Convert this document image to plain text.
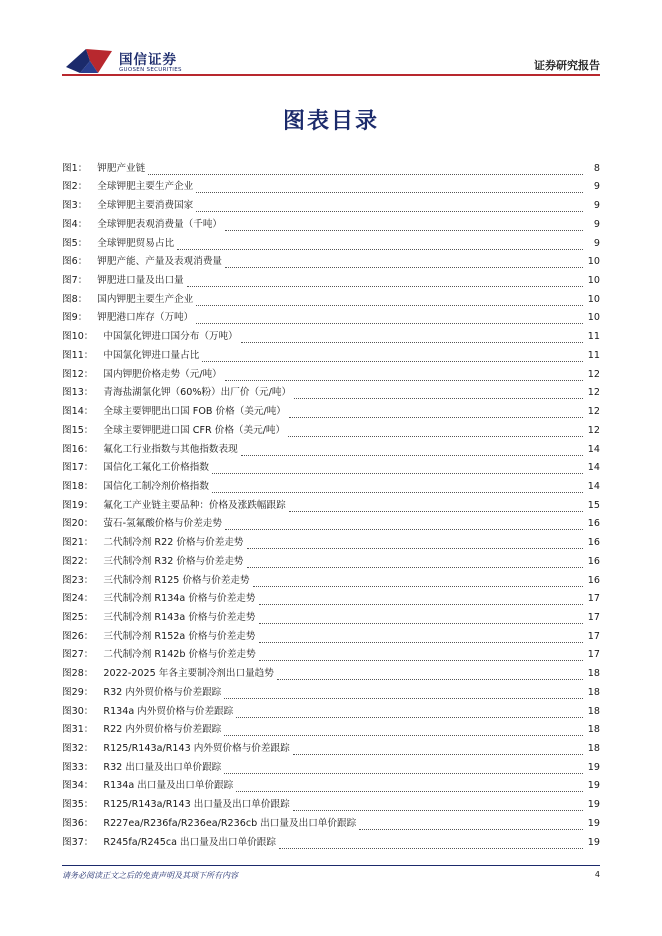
国信证券
GUOSEN SECURITIES	证券研究报告
图表目录
图1： 钾肥产业链	8
图2： 全球钾肥主要生产企业	9
图3： 全球钾肥主要消费国家	9
图4： 全球钾肥表观消费量（千吨）	9
图5： 全球钾肥贸易占比	9
图6： 钾肥产能、产量及表观消费量	10
图7： 钾肥进口量及出口量	10
图8： 国内钾肥主要生产企业	10
图9： 钾肥港口库存（万吨）	10
图10： 中国氯化钾进口国分布（万吨）	11
图11： 中国氯化钾进口量占比	11
图12： 国内钾肥价格走势（元/吨）	12
图13： 青海盐湖氯化钾（60%粉）出厂价（元/吨）	12
图14： 全球主要钾肥出口国 FOB 价格（美元/吨）	12
图15： 全球主要钾肥进口国 CFR 价格（美元/吨）	12
图16： 氟化工行业指数与其他指数表现	14
图17： 国信化工氟化工价格指数	14
图18： 国信化工制冷剂价格指数	14
图19： 氟化工产业链主要品种：价格及涨跌幅跟踪	15
图20： 萤石-氢氟酸价格与价差走势	16
图21： 二代制冷剂 R22 价格与价差走势	16
图22： 三代制冷剂 R32 价格与价差走势	16
图23： 三代制冷剂 R125 价格与价差走势	16
图24： 三代制冷剂 R134a 价格与价差走势	17
图25： 三代制冷剂 R143a 价格与价差走势	17
图26： 三代制冷剂 R152a 价格与价差走势	17
图27： 二代制冷剂 R142b 价格与价差走势	17
图28： 2022-2025 年各主要制冷剂出口量趋势	18
图29： R32 内外贸价格与价差跟踪	18
图30： R134a 内外贸价格与价差跟踪	18
图31： R22 内外贸价格与价差跟踪	18
图32： R125/R143a/R143 内外贸价格与价差跟踪	18
图33： R32 出口量及出口单价跟踪	19
图34： R134a 出口量及出口单价跟踪	19
图35： R125/R143a/R143 出口量及出口单价跟踪	19
图36： R227ea/R236fa/R236ea/R236cb 出口量及出口单价跟踪	19
图37： R245fa/R245ca 出口量及出口单价跟踪	19
请务必阅读正文之后的免责声明及其项下所有内容	4
